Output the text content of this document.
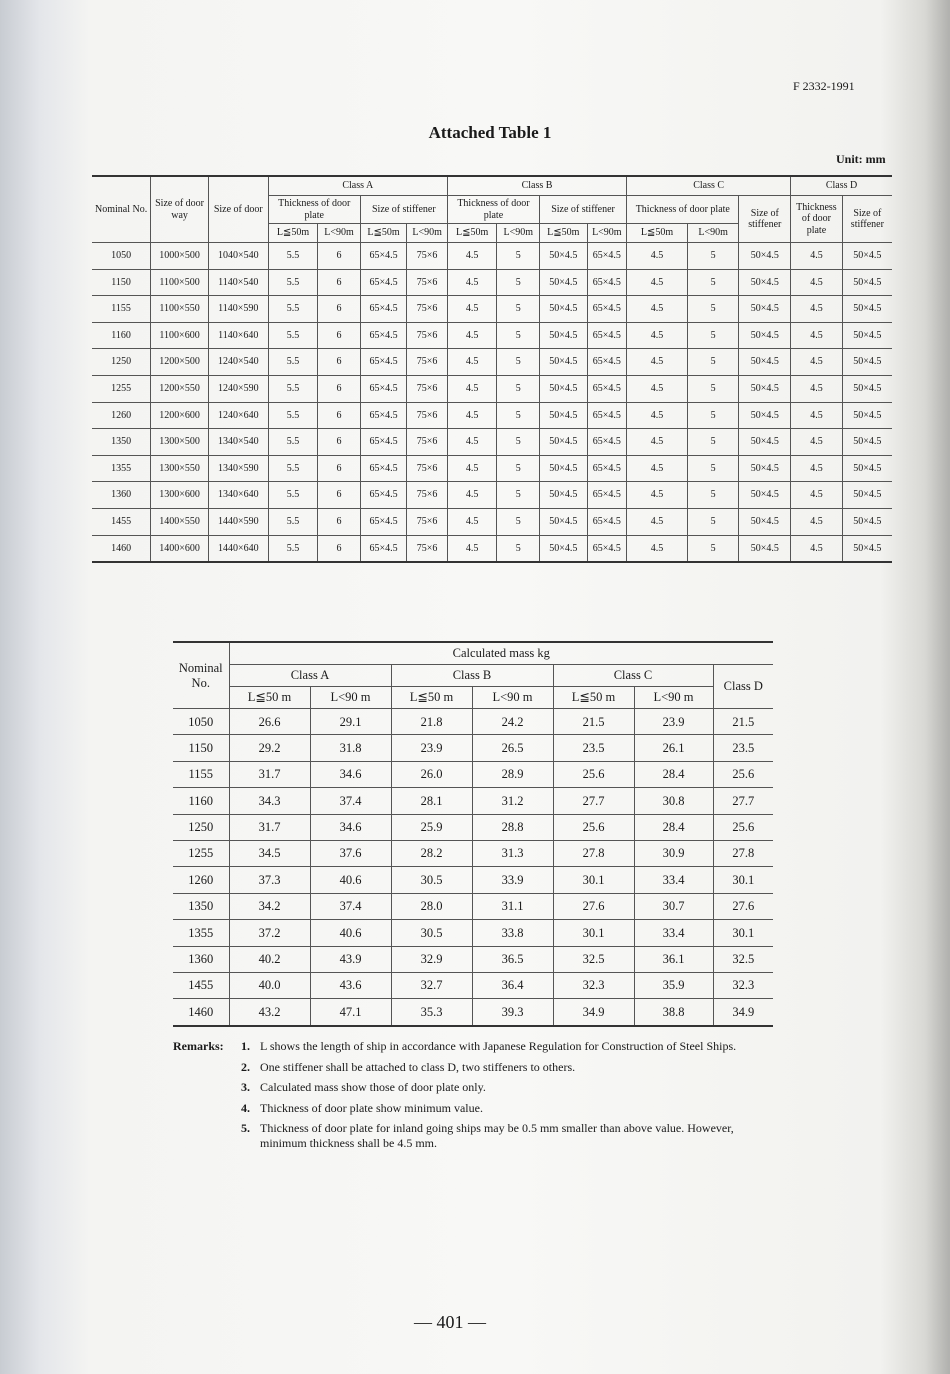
F 2332-1991
Attached Table 1
Unit: mm
Nominal No.	Size of door way	Size of door	Class A				Class B				Class C			Class D	
			Thickness of door plate		Size of stiffener		Thickness of door plate		Size of stiffener		Thickness of door plate		Size of stiffener	Thickness of door plate	Size of stiffener
			L≦50m	L<90m	L≦50m	L<90m	L≦50m	L<90m	L≦50m	L<90m	L≦50m	L<90m			
1050	1000×500	1040×540	5.5	6	65×4.5	75×6	4.5	5	50×4.5	65×4.5	4.5	5	50×4.5	4.5	50×4.5
1150	1100×500	1140×540	5.5	6	65×4.5	75×6	4.5	5	50×4.5	65×4.5	4.5	5	50×4.5	4.5	50×4.5
1155	1100×550	1140×590	5.5	6	65×4.5	75×6	4.5	5	50×4.5	65×4.5	4.5	5	50×4.5	4.5	50×4.5
1160	1100×600	1140×640	5.5	6	65×4.5	75×6	4.5	5	50×4.5	65×4.5	4.5	5	50×4.5	4.5	50×4.5
1250	1200×500	1240×540	5.5	6	65×4.5	75×6	4.5	5	50×4.5	65×4.5	4.5	5	50×4.5	4.5	50×4.5
1255	1200×550	1240×590	5.5	6	65×4.5	75×6	4.5	5	50×4.5	65×4.5	4.5	5	50×4.5	4.5	50×4.5
1260	1200×600	1240×640	5.5	6	65×4.5	75×6	4.5	5	50×4.5	65×4.5	4.5	5	50×4.5	4.5	50×4.5
1350	1300×500	1340×540	5.5	6	65×4.5	75×6	4.5	5	50×4.5	65×4.5	4.5	5	50×4.5	4.5	50×4.5
1355	1300×550	1340×590	5.5	6	65×4.5	75×6	4.5	5	50×4.5	65×4.5	4.5	5	50×4.5	4.5	50×4.5
1360	1300×600	1340×640	5.5	6	65×4.5	75×6	4.5	5	50×4.5	65×4.5	4.5	5	50×4.5	4.5	50×4.5
1455	1400×550	1440×590	5.5	6	65×4.5	75×6	4.5	5	50×4.5	65×4.5	4.5	5	50×4.5	4.5	50×4.5
1460	1400×600	1440×640	5.5	6	65×4.5	75×6	4.5	5	50×4.5	65×4.5	4.5	5	50×4.5	4.5	50×4.5
Nominal No.	Calculated mass kg						
	Class A		Class B		Class C		Class D
	L≦50 m	L<90 m	L≦50 m	L<90 m	L≦50 m	L<90 m	
1050	26.6	29.1	21.8	24.2	21.5	23.9	21.5
1150	29.2	31.8	23.9	26.5	23.5	26.1	23.5
1155	31.7	34.6	26.0	28.9	25.6	28.4	25.6
1160	34.3	37.4	28.1	31.2	27.7	30.8	27.7
1250	31.7	34.6	25.9	28.8	25.6	28.4	25.6
1255	34.5	37.6	28.2	31.3	27.8	30.9	27.8
1260	37.3	40.6	30.5	33.9	30.1	33.4	30.1
1350	34.2	37.4	28.0	31.1	27.6	30.7	27.6
1355	37.2	40.6	30.5	33.8	30.1	33.4	30.1
1360	40.2	43.9	32.9	36.5	32.5	36.1	32.5
1455	40.0	43.6	32.7	36.4	32.3	35.9	32.3
1460	43.2	47.1	35.3	39.3	34.9	38.8	34.9
Remarks: 1. L shows the length of ship in accordance with Japanese Regulation for Construction of Steel Ships.
2. One stiffener shall be attached to class D, two stiffeners to others.
3. Calculated mass show those of door plate only.
4. Thickness of door plate show minimum value.
5. Thickness of door plate for inland going ships may be 0.5 mm smaller than above value. However, minimum thickness shall be 4.5 mm.
— 401 —
